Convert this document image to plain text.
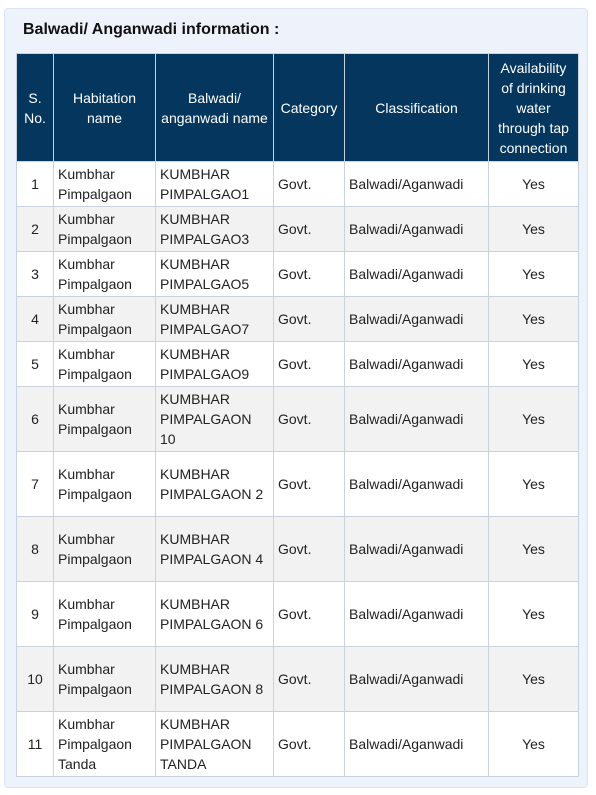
Balwadi/ Anganwadi information :
S. No.	Habitation name	Balwadi/ anganwadi name	Category	Classification	Availability of drinking water through tap connection
1	Kumbhar Pimpalgaon	KUMBHAR PIMPALGAO1	Govt.	Balwadi/Aganwadi	Yes
2	Kumbhar Pimpalgaon	KUMBHAR PIMPALGAO3	Govt.	Balwadi/Aganwadi	Yes
3	Kumbhar Pimpalgaon	KUMBHAR PIMPALGAO5	Govt.	Balwadi/Aganwadi	Yes
4	Kumbhar Pimpalgaon	KUMBHAR PIMPALGAO7	Govt.	Balwadi/Aganwadi	Yes
5	Kumbhar Pimpalgaon	KUMBHAR PIMPALGAO9	Govt.	Balwadi/Aganwadi	Yes
6	Kumbhar Pimpalgaon	KUMBHAR PIMPALGAON 10	Govt.	Balwadi/Aganwadi	Yes
7	Kumbhar Pimpalgaon	KUMBHAR PIMPALGAON 2	Govt.	Balwadi/Aganwadi	Yes
8	Kumbhar Pimpalgaon	KUMBHAR PIMPALGAON 4	Govt.	Balwadi/Aganwadi	Yes
9	Kumbhar Pimpalgaon	KUMBHAR PIMPALGAON 6	Govt.	Balwadi/Aganwadi	Yes
10	Kumbhar Pimpalgaon	KUMBHAR PIMPALGAON 8	Govt.	Balwadi/Aganwadi	Yes
11	Kumbhar Pimpalgaon Tanda	KUMBHAR PIMPALGAON TANDA	Govt.	Balwadi/Aganwadi	Yes
